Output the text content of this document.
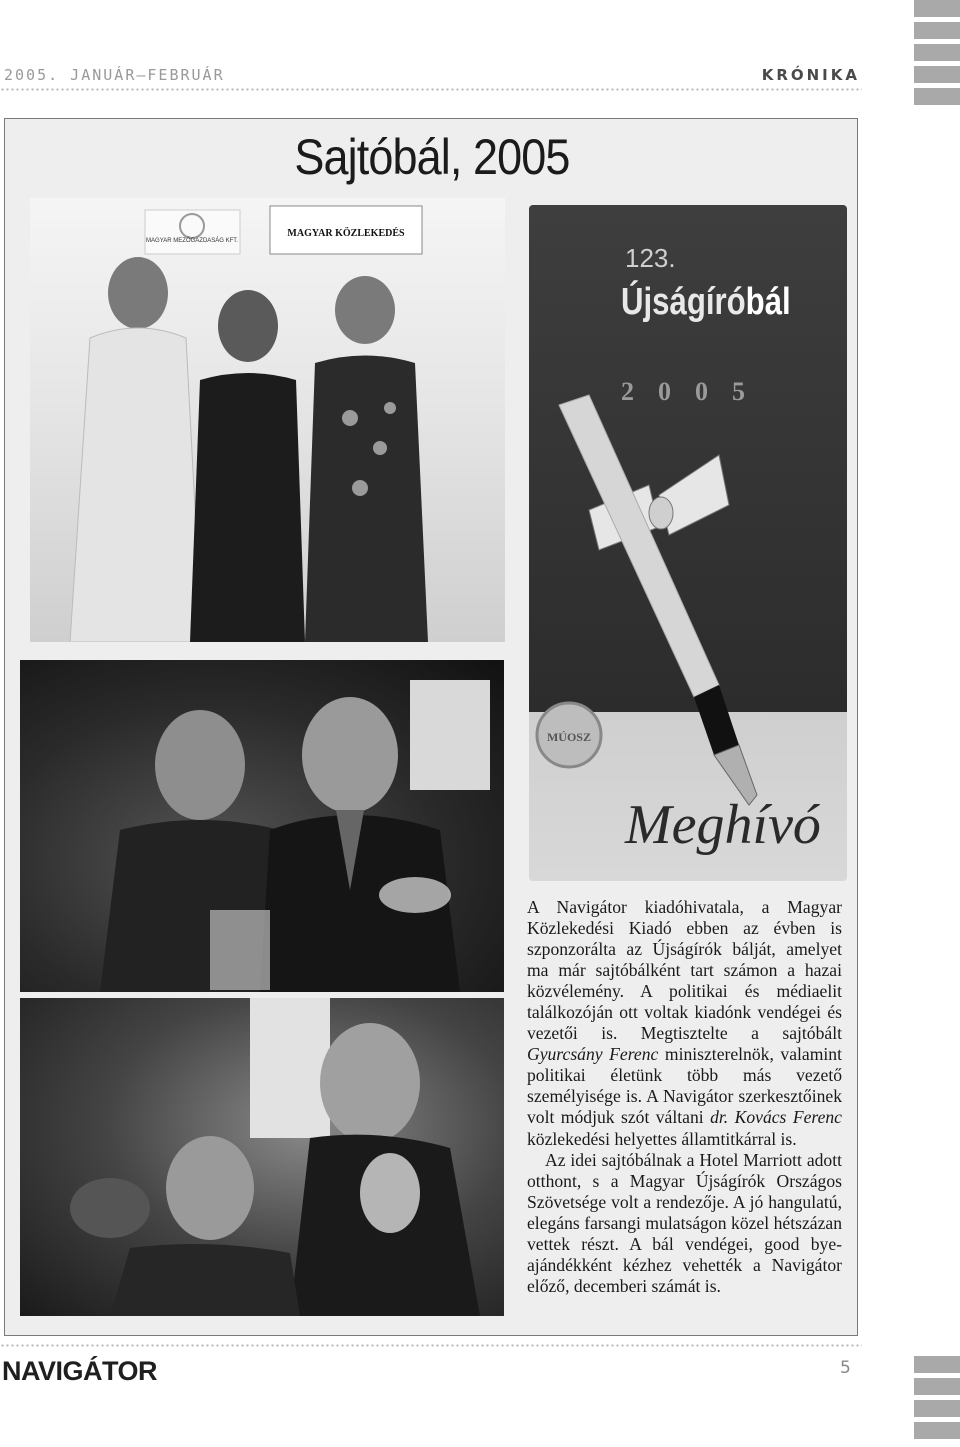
2005. JANUÁR–FEBRUÁR	KRÓNIKA
Sajtóbál, 2005
MAGYAR MEZŐGAZDASÁG KFT.
MAGYAR KÖZLEKEDÉS
123.
Újságíróbál
2005
MÚOSZ
Meghívó

A Navigátor kiadóhivatala, a Magyar Közlekedési Kiadó ebben az évben is szponzorálta az Újságírók bálját, amelyet ma már sajtóbálként tart számon a hazai közvélemény. A politikai és médiaelit találkozóján ott voltak kiadónk vendégei és vezetői is. Megtisztelte a sajtóbált Gyurcsány Ferenc miniszterelnök, valamint politikai életünk több más vezető személyisége is. A Navigátor szerkesztőinek volt módjuk szót váltani dr. Kovács Ferenc közlekedési helyettes államtitkárral is.

Az idei sajtóbálnak a Hotel Marriott adott otthont, s a Magyar Újságírók Országos Szövetsége volt a rendezője. A jó hangulatú, elegáns farsangi mulatságon közel hétszázan vettek részt. A bál vendégei, good bye-ajándékként kézhez vehették a Navigátor előző, decemberi számát is.

NAVIGÁTOR	5
